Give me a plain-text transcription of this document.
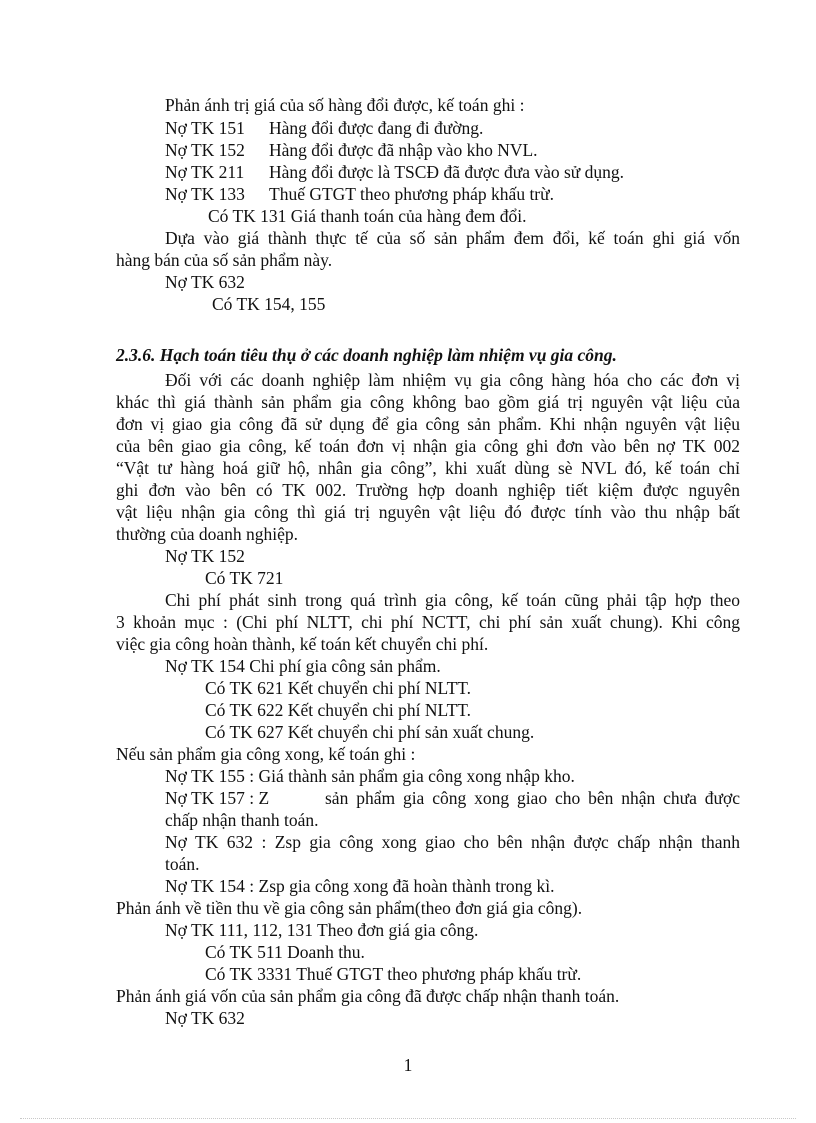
Phản ánh trị giá của số hàng đổi được, kế toán ghi :
Nợ TK 151 Hàng đổi được đang đi đường.
Nợ TK 152 Hàng đổi được đã nhập vào kho NVL.
Nợ TK 211 Hàng đổi được là TSCĐ đã được đưa vào sử dụng.
Nợ TK 133 Thuế GTGT theo phương pháp khấu trừ.
Có TK 131 Giá thanh toán của hàng đem đổi.
Dựa vào giá thành thực tế của số sản phẩm đem đổi, kế toán ghi giá vốn
hàng bán của số sản phẩm này.
Nợ TK 632
Có TK 154, 155
2.3.6. Hạch toán tiêu thụ ở các doanh nghiệp làm nhiệm vụ gia công.
Đối với các doanh nghiệp làm nhiệm vụ gia công hàng hóa cho các đơn vị
khác thì giá thành sản phẩm gia công không bao gồm giá trị nguyên vật liệu của
đơn vị giao gia công đã sử dụng để gia công sản phẩm. Khi nhận nguyên vật liệu
của bên giao gia công, kế toán đơn vị nhận gia công ghi đơn vào bên nợ TK 002
“Vật tư hàng hoá giữ hộ, nhân gia công”, khi xuất dùng sè NVL đó, kế toán chỉ
ghi đơn vào bên có TK 002. Trường hợp doanh nghiệp tiết kiệm được nguyên
vật liệu nhận gia công thì giá trị nguyên vật liệu đó được tính vào thu nhập bất
thường của doanh nghiệp.
Nợ TK 152
Có TK 721
Chi phí phát sinh trong quá trình gia công, kế toán cũng phải tập hợp theo
3 khoản mục : (Chi phí NLTT, chi phí NCTT, chi phí sản xuất chung). Khi công
việc gia công hoàn thành, kế toán kết chuyển chi phí.
Nợ TK 154 Chi phí gia công sản phẩm.
Có TK 621 Kết chuyển chi phí NLTT.
Có TK 622 Kết chuyển chi phí NLTT.
Có TK 627 Kết chuyển chi phí sản xuất chung.
Nếu sản phẩm gia công xong, kế toán ghi :
Nợ TK 155 : Giá thành sản phẩm gia công xong nhập kho.
Nợ TK 157 : Z	sản phẩm gia công xong giao cho bên nhận chưa được
chấp nhận thanh toán.
Nợ TK 632 : Zsp gia công xong giao cho bên nhận được chấp nhận thanh
toán.
Nợ TK 154 : Zsp gia công xong đã hoàn thành trong kì.
Phản ánh về tiền thu về gia công sản phẩm(theo đơn giá gia công).
Nợ TK 111, 112, 131 Theo đơn giá gia công.
Có TK 511 Doanh thu.
Có TK 3331 Thuế GTGT theo phương pháp khấu trừ.
Phản ánh giá vốn của sản phẩm gia công đã được chấp nhận thanh toán.
Nợ TK 632
1
